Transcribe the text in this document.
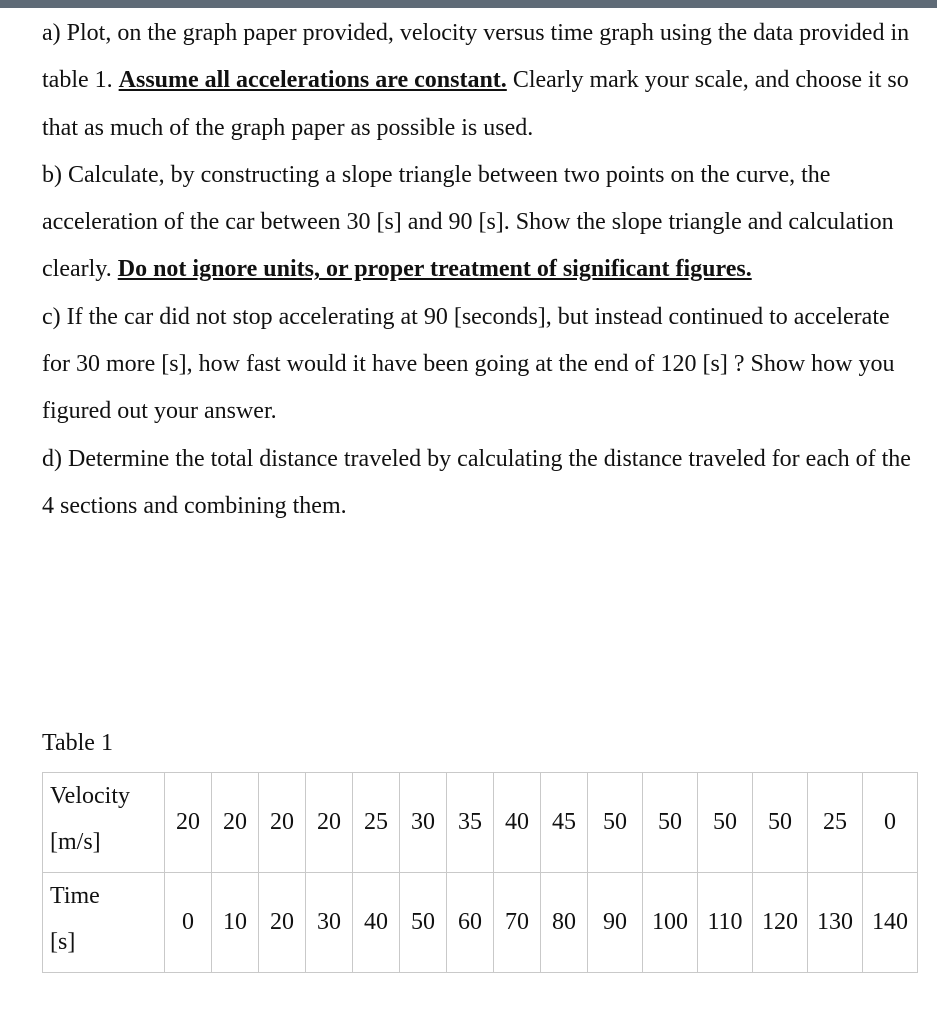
a) Plot, on the graph paper provided, velocity versus time graph using the data provided in table 1. Assume all accelerations are constant. Clearly mark your scale, and choose it so that as much of the graph paper as possible is used.

b) Calculate, by constructing a slope triangle between two points on the curve, the acceleration of the car between 30 [s] and 90 [s]. Show the slope triangle and calculation clearly. Do not ignore units, or proper treatment of significant figures.

c) If the car did not stop accelerating at 90 [seconds], but instead continued to accelerate for 30 more [s], how fast would it have been going at the end of 120 [s] ? Show how you figured out your answer.

d) Determine the total distance traveled by calculating the distance traveled for each of the 4 sections and combining them.

Table 1

Velocity
[m/s]	20	20	20	20	25	30	35	40	45	50	50	50	50	25	0

Time
[s]	0	10	20	30	40	50	60	70	80	90	100	110	120	130	140
